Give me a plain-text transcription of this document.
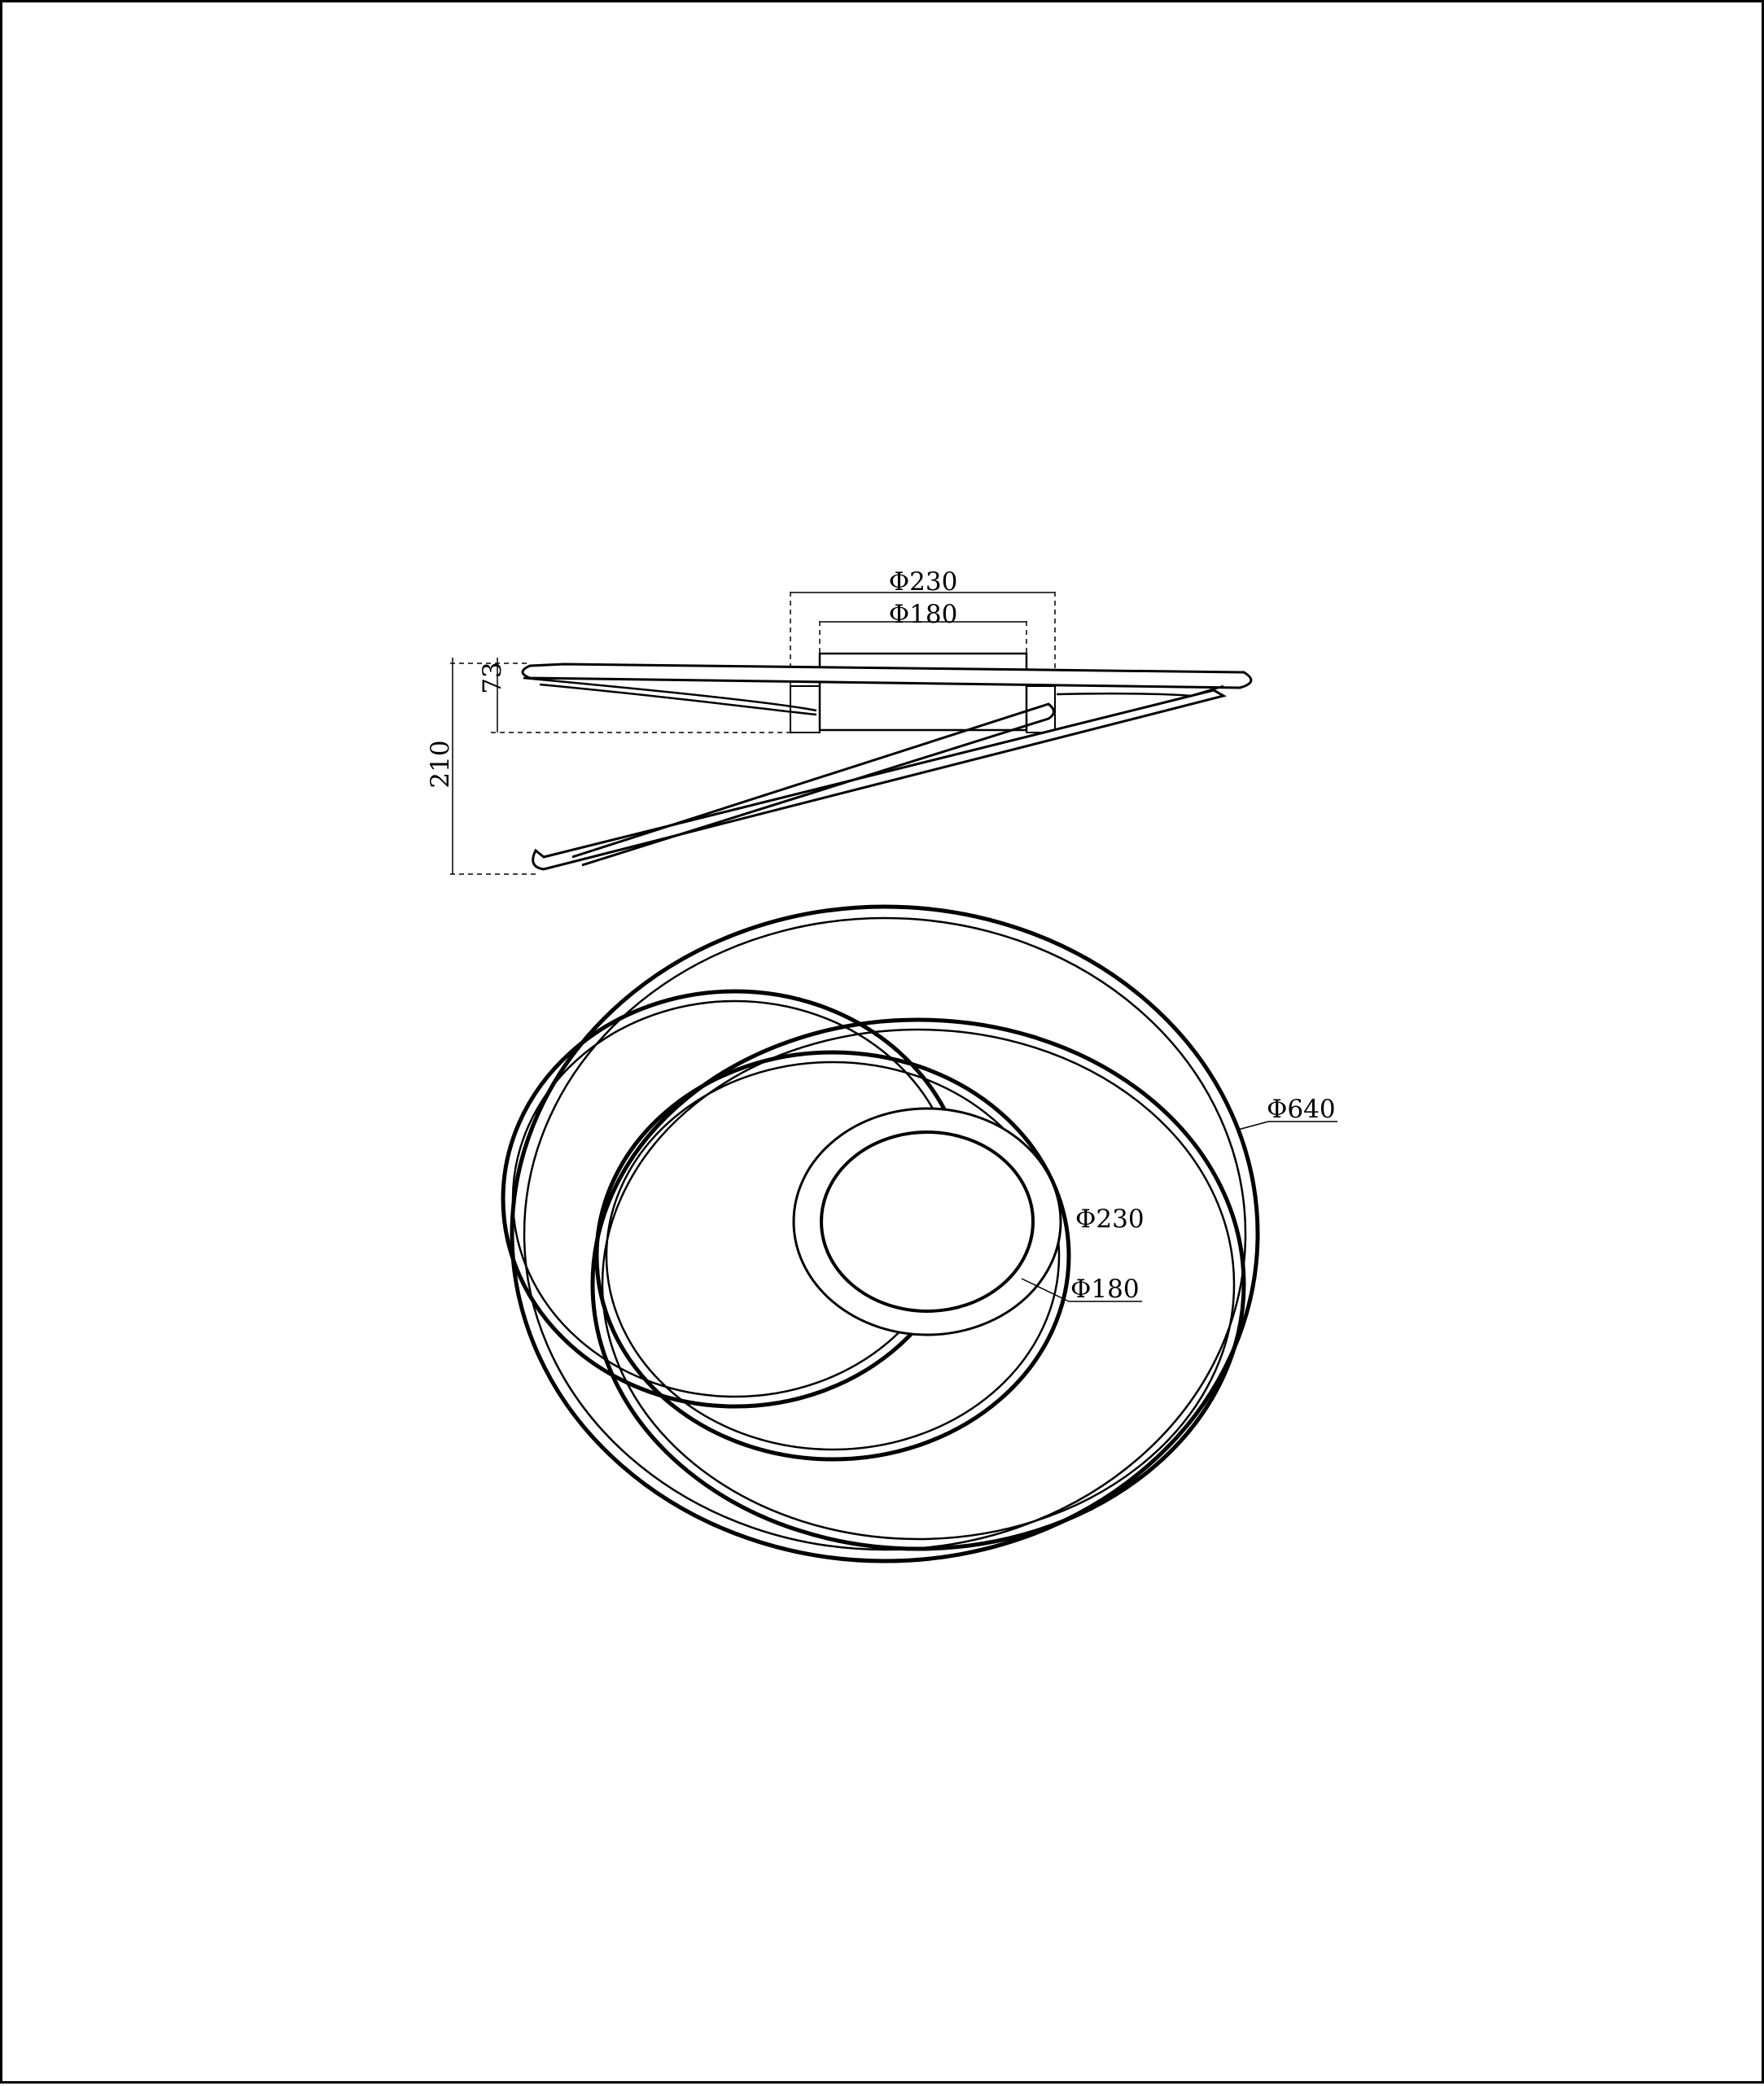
Φ230
Φ180
73
210
Φ640
Φ230
Φ180
